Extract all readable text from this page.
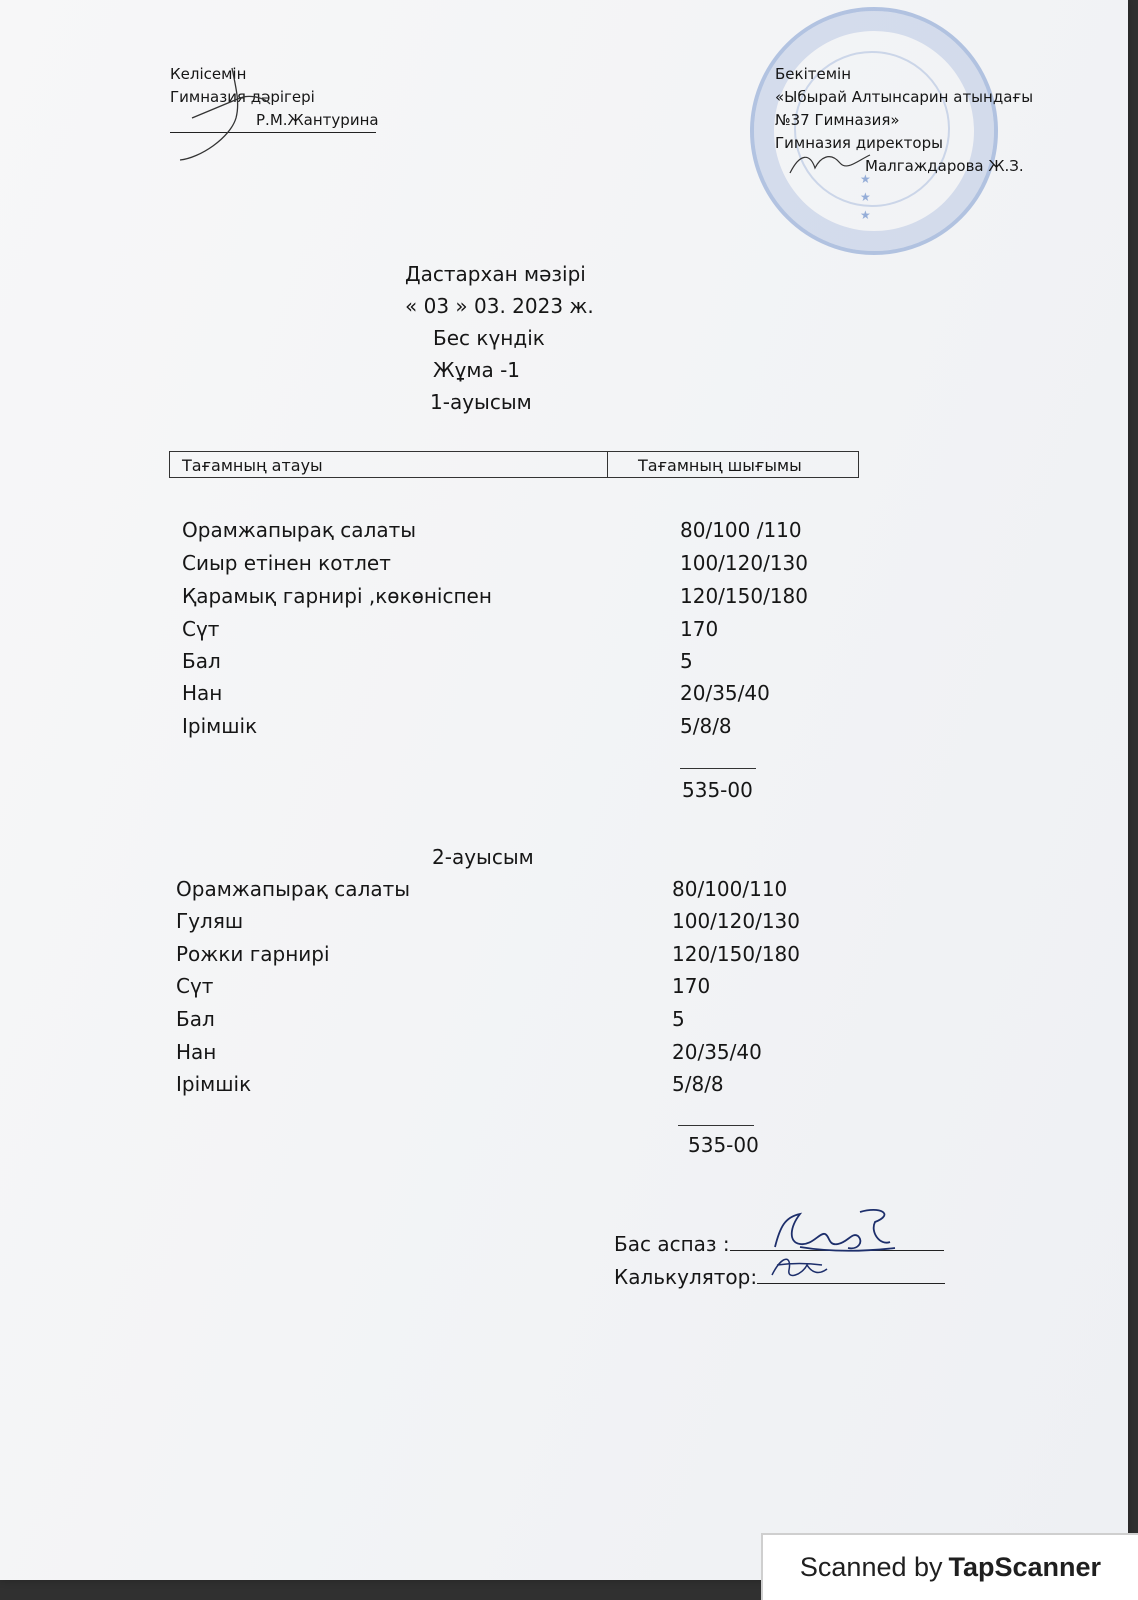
Келісемін
Гимназия дәрігері
Р.М.Жантурина
★
★
★
Бекітемін
«Ыбырай Алтынсарин атындағы
№37 Гимназия»
Гимназия директоры
Малгаждарова Ж.З.
Дастархан мәзірі
« 03 » 03. 2023 ж.
Бес күндік
Жұма -1
1-ауысым
Тағамның атауы	Тағамның шығымы
Орамжапырақ салаты	80/100 /110
Сиыр етінен котлет	100/120/130
Қарамық гарнирі ,көкөніспен	120/150/180
Сүт	170
Бал	5
Нан	20/35/40
Ірімшік	5/8/8
535-00
2-ауысым
Орамжапырақ салаты	80/100/110
Гуляш	100/120/130
Рожки гарнирі	120/150/180
Сүт	170
Бал	5
Нан	20/35/40
Ірімшік	5/8/8
535-00
Бас аспаз :
Калькулятор:
Scanned by TapScanner
